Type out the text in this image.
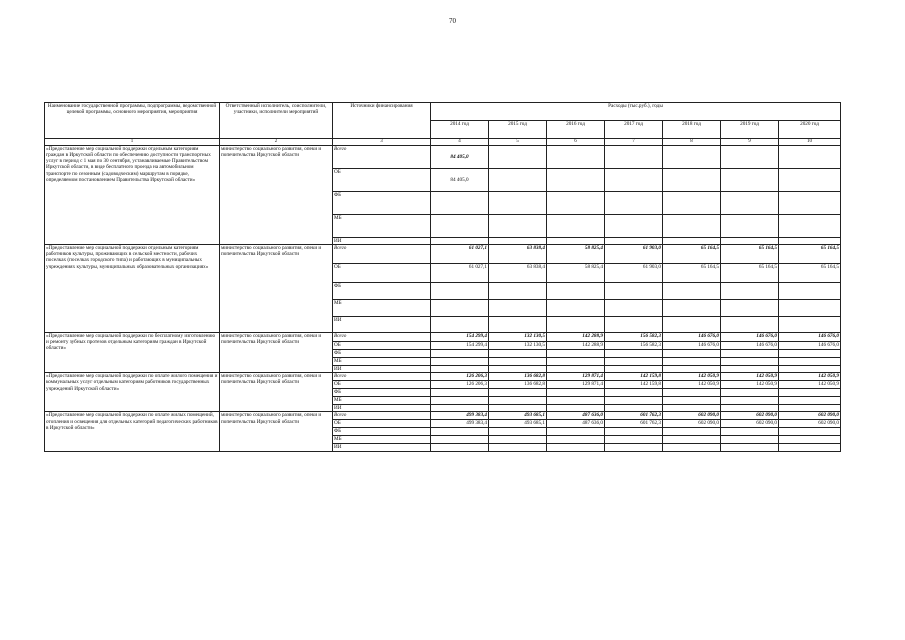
70
Наименование государственной программы, подпрограммы, ведомственной целевой программы, основного мероприятия, мероприятия	Ответственный исполнитель, соисполнители, участники, исполнители мероприятий	Источники финансирования	Расходы (тыс.руб.), годы						
			2014 год	2015 год	2016 год	2017 год	2018 год	2019 год	2020 год
1	2	3	4	5	6	7	8	9	10
«Предоставление мер социальной поддержки отдельным категориям граждан в Иркутской области по обеспечению доступности транспортных услуг в период с 1 мая по 30 сентября, устанавливаемые Правительством Иркутской области, в виде бесплатного проезда на автомобильном транспорте по сезонным (садоводческим) маршрутам в порядке, определяемом постановлением Правительства Иркутской области»	министерство социального развития, опеки и попечительства Иркутской области	Всего	84 405,0						
		ОБ	84 405,0						
		ФБ							
		МБ							
		ИИ							
«Предоставление мер социальной поддержки отдельным категориям работников культуры, проживающих в сельской местности, рабочих поселках (поселках городского типа) и работающих в муниципальных учреждениях культуры, муниципальных образовательных организациях»	министерство социального развития, опеки и попечительства Иркутской области	Всего	61 027,1	63 838,4	58 825,4	61 903,0	65 164,5	65 164,5	65 164,5
		ОБ	61 027,1	63 838,4	58 825,4	61 903,0	65 164,5	65 164,5	65 164,5
		ФБ							
		МБ							
		ИИ							
«Предоставление мер социальной поддержки по бесплатному изготовлению и ремонту зубных протезов отдельным категориям граждан в Иркутской области»	министерство социального развития, опеки и попечительства Иркутской области	Всего	154 299,4	132 130,5	142 288,9	156 582,3	146 676,0	146 676,0	146 676,0
		ОБ	154 299,4	132 130,5	142 288,9	156 582,3	146 676,0	146 676,0	146 676,0
		ФБ							
		МБ							
		ИИ							
«Предоставление мер социальной поддержки по оплате жилого помещения и коммунальных услуг отдельным категориям работников государственных учреждений Иркутской области»	министерство социального развития, опеки и попечительства Иркутской области	Всего	126 206,3	136 682,8	129 871,4	142 159,8	142 050,9	142 050,9	142 050,9
		ОБ	126 206,3	136 682,8	129 871,4	142 159,8	142 050,9	142 050,9	142 050,9
		ФБ							
		МБ							
		ИИ							
«Предоставление мер социальной поддержки по оплате жилых помещений, отопления и освещения для отдельных категорий педагогических работников в Иркутской области»	министерство социального развития, опеки и попечительства Иркутской области	Всего	499 383,4	493 685,1	487 636,0	601 762,3	602 090,0	602 090,0	602 090,0
		ОБ	499 383,4	493 685,1	487 636,0	601 762,3	602 090,0	602 090,0	602 090,0
		ФБ							
		МБ							
		ИИ							
